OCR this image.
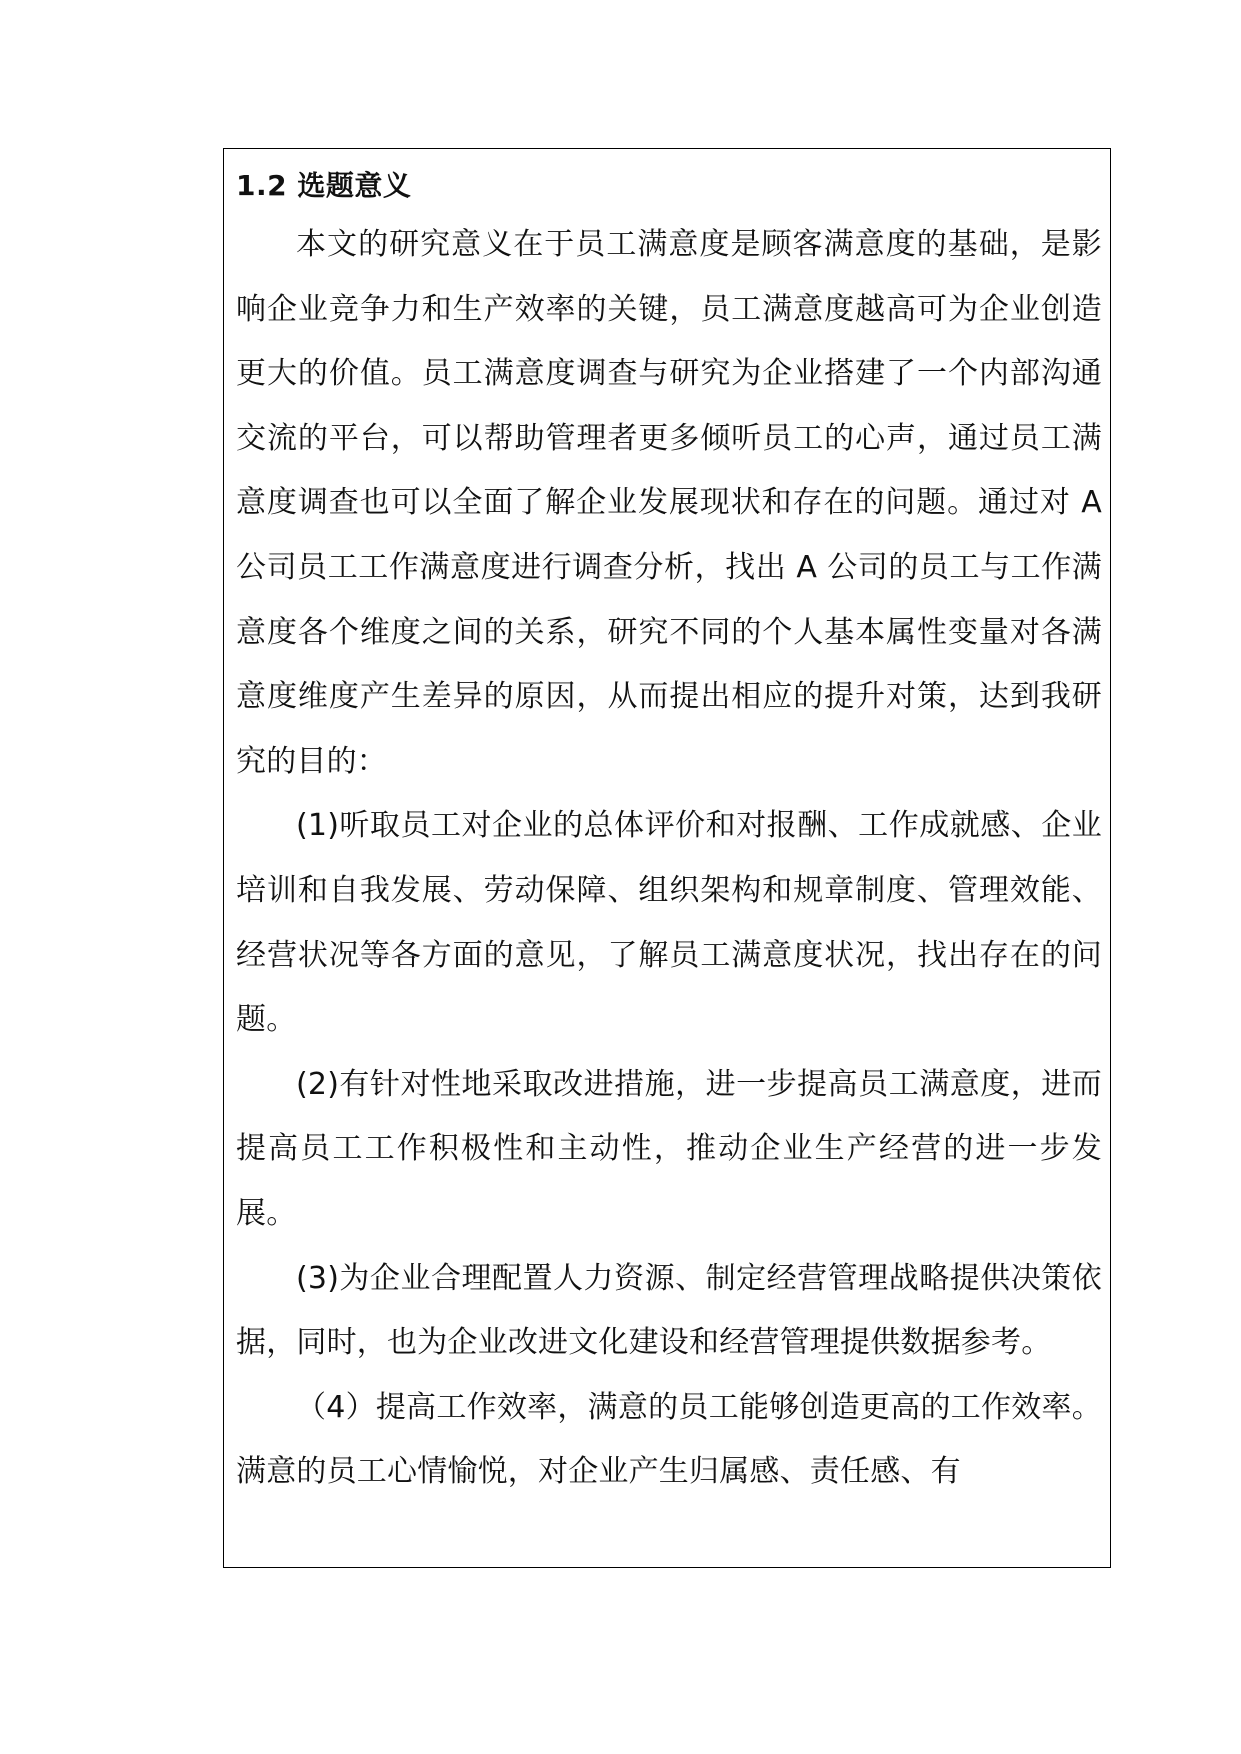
1.2 选题意义

本文的研究意义在于员工满意度是顾客满意度的基础，是影响企业竞争力和生产效率的关键，员工满意度越高可为企业创造更大的价值。员工满意度调查与研究为企业搭建了一个内部沟通交流的平台，可以帮助管理者更多倾听员工的心声，通过员工满意度调查也可以全面了解企业发展现状和存在的问题。通过对 A 公司员工工作满意度进行调查分析，找出 A 公司的员工与工作满意度各个维度之间的关系，研究不同的个人基本属性变量对各满意度维度产生差异的原因，从而提出相应的提升对策，达到我研究的目的：

(1)听取员工对企业的总体评价和对报酬、工作成就感、企业培训和自我发展、劳动保障、组织架构和规章制度、管理效能、经营状况等各方面的意见，了解员工满意度状况，找出存在的问题。

(2)有针对性地采取改进措施，进一步提高员工满意度，进而提高员工工作积极性和主动性，推动企业生产经营的进一步发展。

(3)为企业合理配置人力资源、制定经营管理战略提供决策依据，同时，也为企业改进文化建设和经营管理提供数据参考。

（4）提高工作效率，满意的员工能够创造更高的工作效率。满意的员工心情愉悦，对企业产生归属感、责任感、有
